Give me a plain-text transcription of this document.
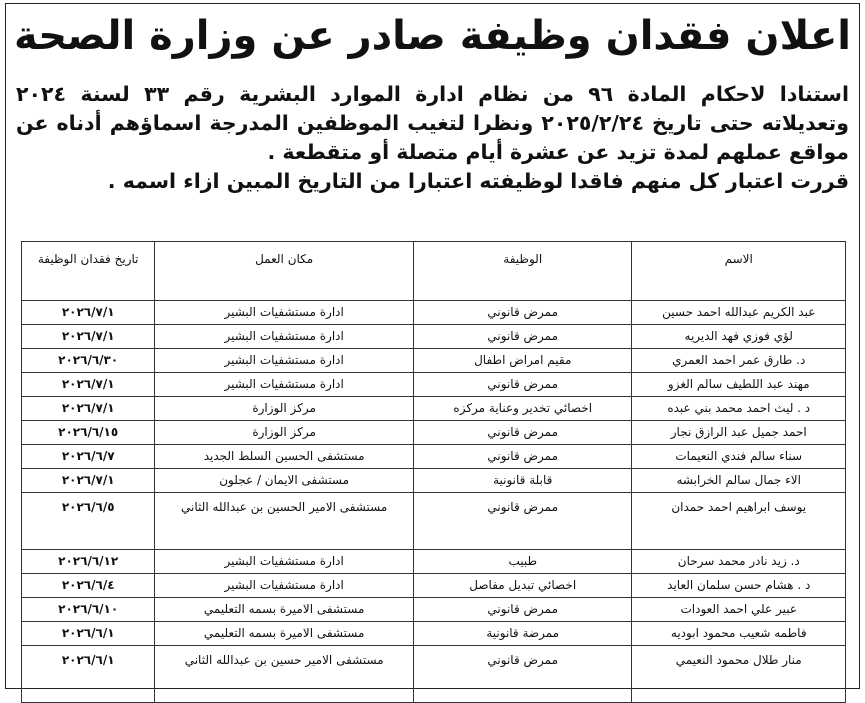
اعلان فقدان وظيفة صادر عن وزارة الصحة

استنادا لاحكام المادة ٩٦ من نظام ادارة الموارد البشرية رقم ٣٣ لسنة ٢٠٢٤ وتعديلاته حتى تاريخ ٢٠٢٥/٢/٢٤ ونظرا لتغيب الموظفين المدرجة اسماؤهم أدناه عن مواقع عملهم لمدة تزيد عن عشرة أيام متصلة أو متقطعة .

قررت اعتبار كل منهم فاقدا لوظيفته اعتبارا من التاريخ المبين ازاء اسمه .

الاسم	الوظيفة	مكان العمل	تاريخ فقدان الوظيفة
عبد الكريم عبدالله احمد حسين	ممرض قانوني	ادارة مستشفيات البشير	٢٠٢٦/٧/١
لؤي فوزي فهد الديريه	ممرض قانوني	ادارة مستشفيات البشير	٢٠٢٦/٧/١
د. طارق عمر احمد العمري	مقيم امراض اطفال	ادارة مستشفيات البشير	٢٠٢٦/٦/٣٠
مهند عبد اللطيف سالم الغزو	ممرض قانوني	ادارة مستشفيات البشير	٢٠٢٦/٧/١
د . ليث احمد محمد بني عبده	اخصائي تخدير وعناية مركزه	مركز الوزارة	٢٠٢٦/٧/١
احمد جميل عبد الرازق نجار	ممرض قانوني	مركز الوزارة	٢٠٢٦/٦/١٥
سناء سالم فندي النعيمات	ممرض قانوني	مستشفى الحسين السلط الجديد	٢٠٢٦/٦/٧
الاء جمال سالم الخرابشه	قابلة قانونية	مستشفى الايمان / عجلون	٢٠٢٦/٧/١
يوسف ابراهيم احمد حمدان	ممرض قانوني	مستشفى الامير الحسين بن عبدالله الثاني	٢٠٢٦/٦/٥
د. زيد نادر محمد سرحان	طبيب	ادارة مستشفيات البشير	٢٠٢٦/٦/١٢
د . هشام حسن سلمان العايد	اخصائي تبديل مفاصل	ادارة مستشفيات البشير	٢٠٢٦/٦/٤
عبير علي احمد العودات	ممرض قانوني	مستشفى الاميرة بسمه التعليمي	٢٠٢٦/٦/١٠
فاطمه شعيب محمود ابوديه	ممرضة قانونية	مستشفى الاميرة بسمه التعليمي	٢٠٢٦/٦/١
منار طلال محمود النعيمي	ممرض قانوني	مستشفى الامير حسين بن عبدالله الثاني	٢٠٢٦/٦/١
